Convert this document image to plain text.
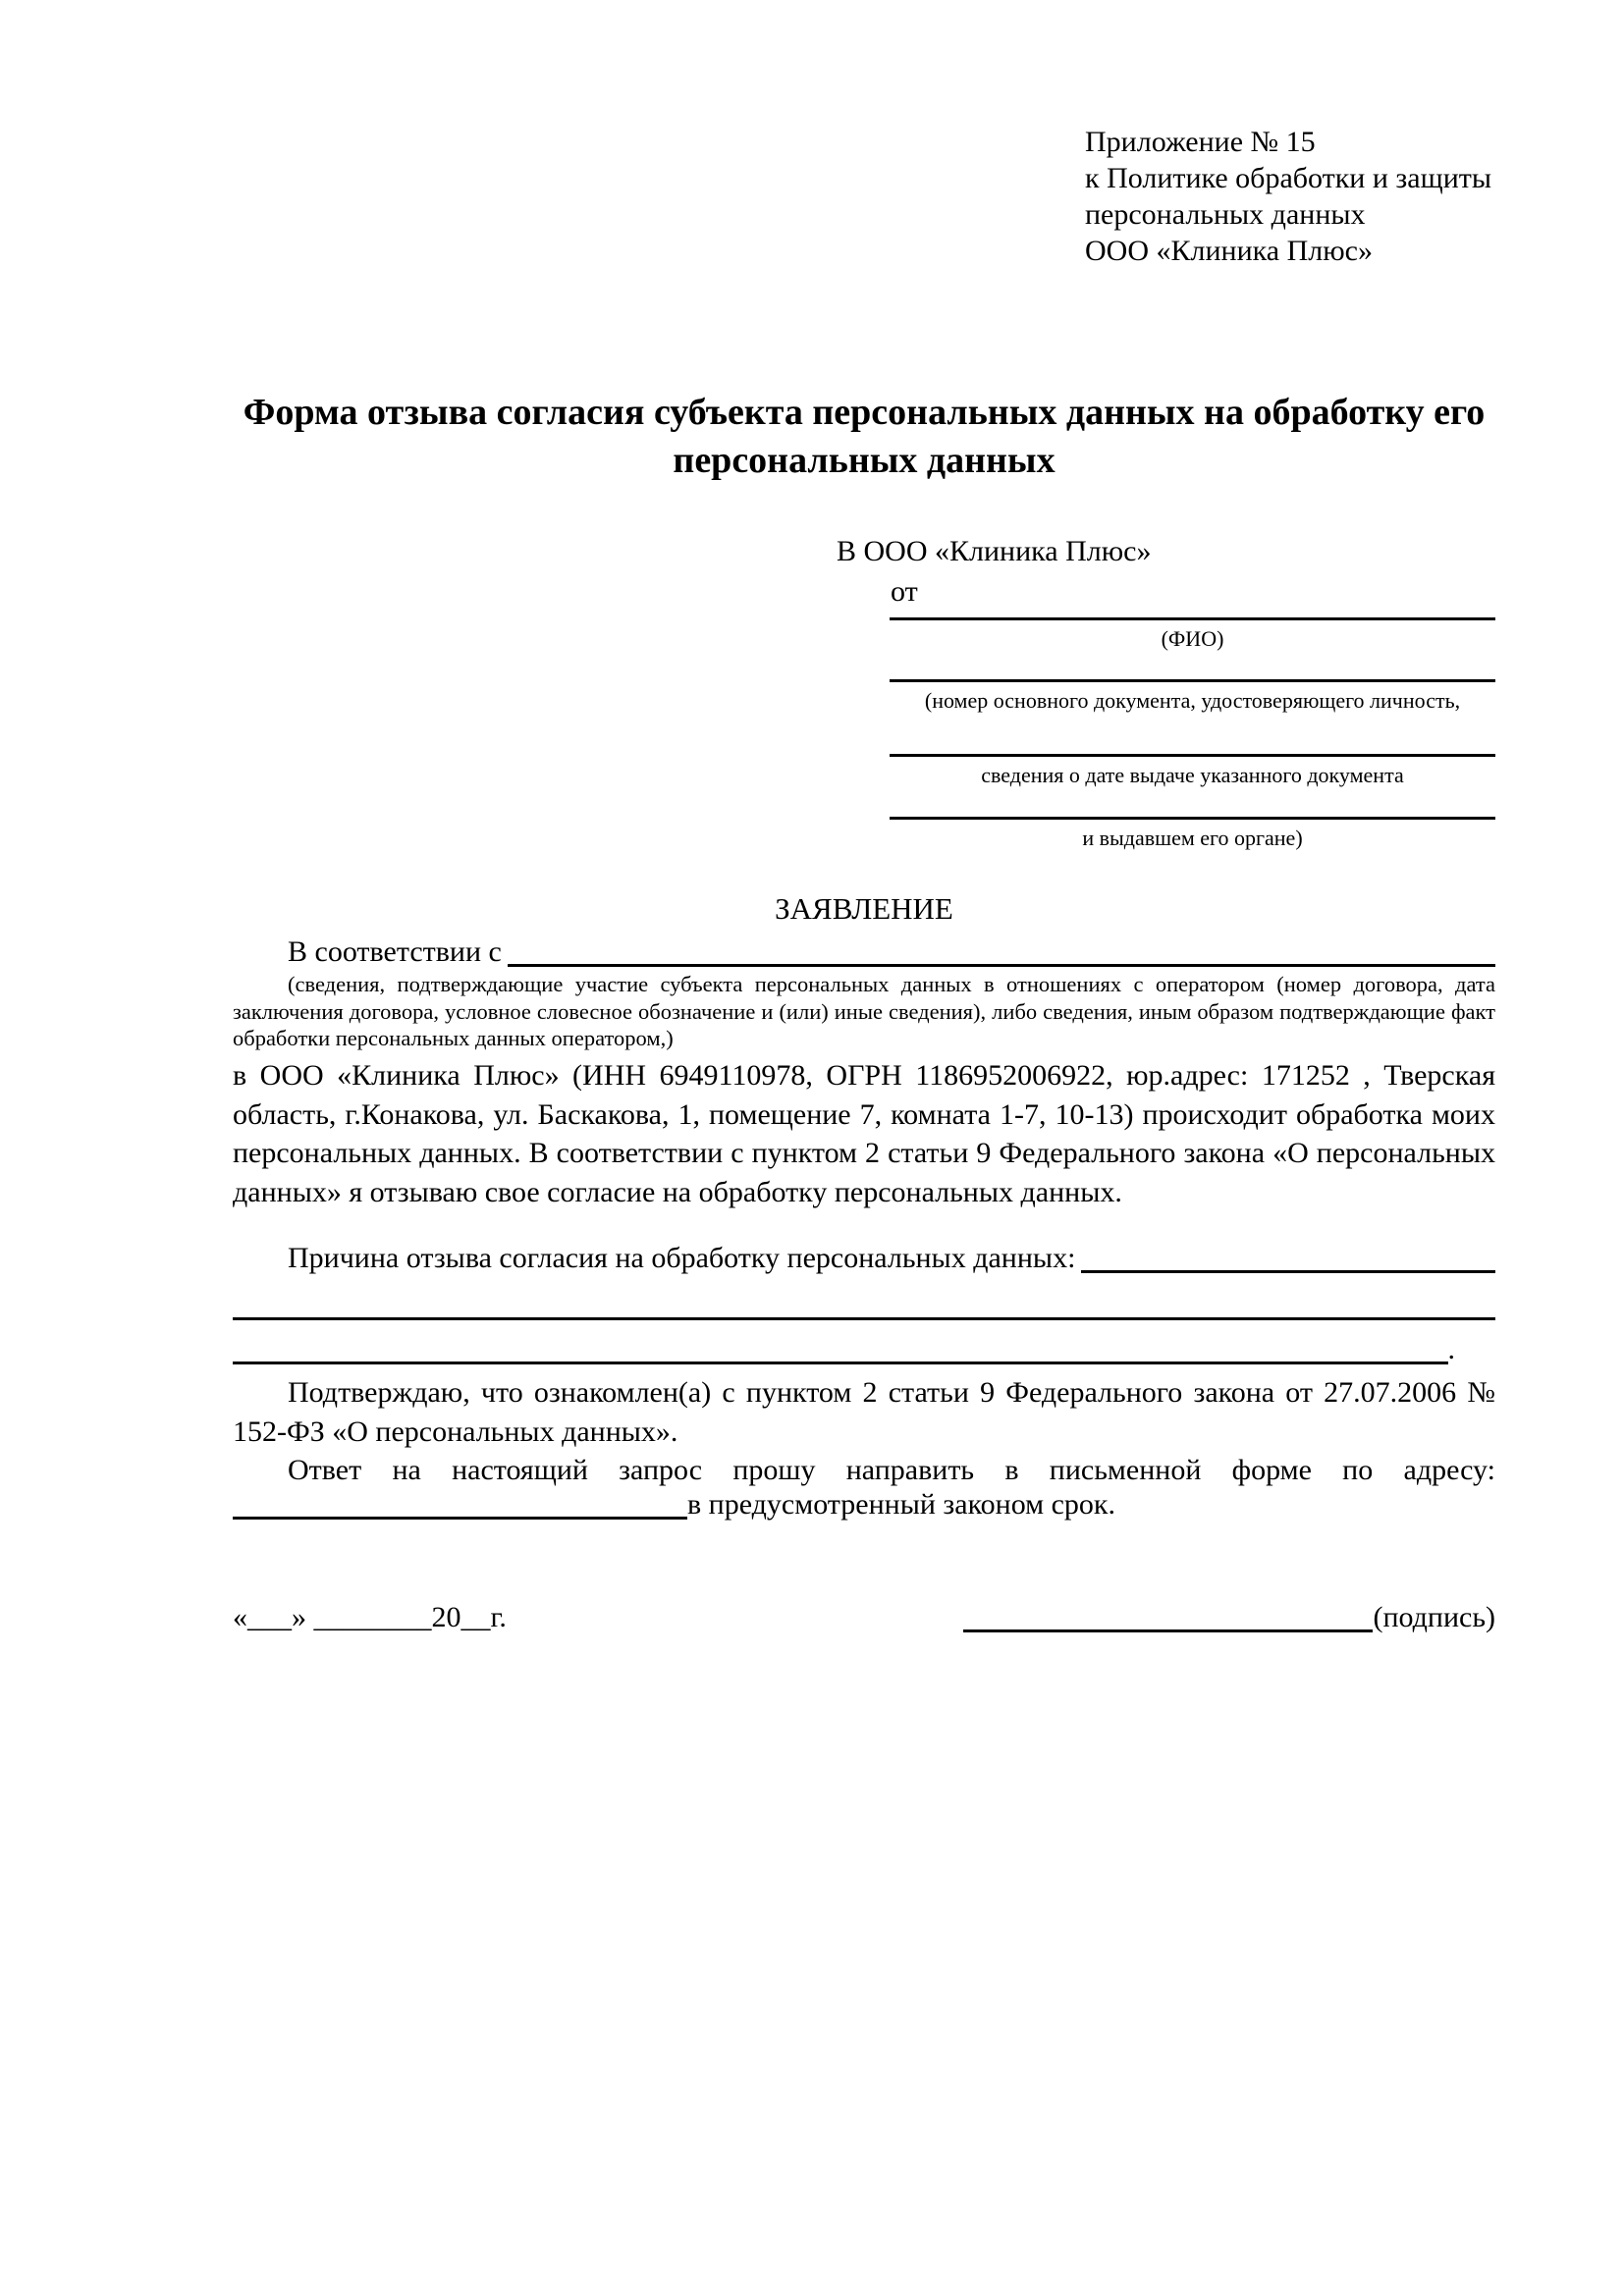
Приложение № 15
к Политике обработки и защиты
персональных данных
ООО «Клиника Плюс»
Форма отзыва согласия субъекта персональных данных на обработку его персональных данных
В ООО «Клиника Плюс»
от
(ФИО)
(номер основного документа, удостоверяющего личность,
сведения о дате выдаче указанного документа
и выдавшем его органе)
ЗАЯВЛЕНИЕ
В соответствии с
(сведения, подтверждающие участие субъекта персональных данных в отношениях с оператором (номер договора, дата заключения договора, условное словесное обозначение и (или) иные сведения), либо сведения, иным образом подтверждающие факт обработки персональных данных оператором,)
в ООО «Клиника Плюс» (ИНН 6949110978, ОГРН 1186952006922, юр.адрес: 171252 , Тверская область, г.Конакова, ул. Баскакова, 1, помещение 7, комната 1-7, 10-13) происходит обработка моих персональных данных. В соответствии с пунктом 2 статьи 9 Федерального закона «О персональных данных» я отзываю свое согласие на обработку персональных данных.
Причина отзыва согласия на обработку персональных данных:
.
Подтверждаю, что ознакомлен(а) с пунктом 2 статьи 9 Федерального закона от 27.07.2006 № 152-ФЗ «О персональных данных».
Ответ на настоящий запрос прошу направить в письменной форме по адресу:
в предусмотренный законом срок.
«___» ________20__г.	(подпись)
